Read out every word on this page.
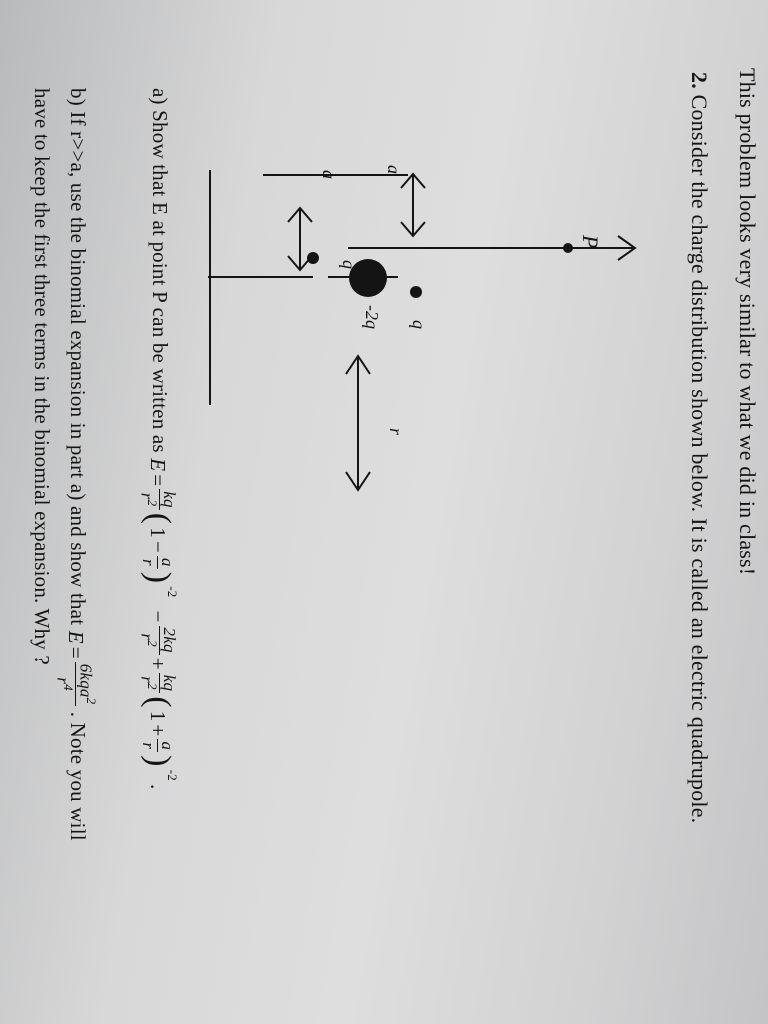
This problem looks very similar to what we did in class!
2. Consider the charge distribution shown below. It is called an electric quadrupole.
P
q
-2q q
a
a
r
a) Show that E at point P can be written as
E
=
kq
$r^2$
(
1
−
a
r
)
$^{-2}$
−
2kq
$r^2$
+
kq
$r^2$
(
1
+
a
r
)
$^{-2}$
.
b) If r>>a, use the binomial expansion in part a) and show that
E
=
6kqa$^2$
$r^4$
. Note you will
have to keep the first three terms in the binomial expansion. Why ?
